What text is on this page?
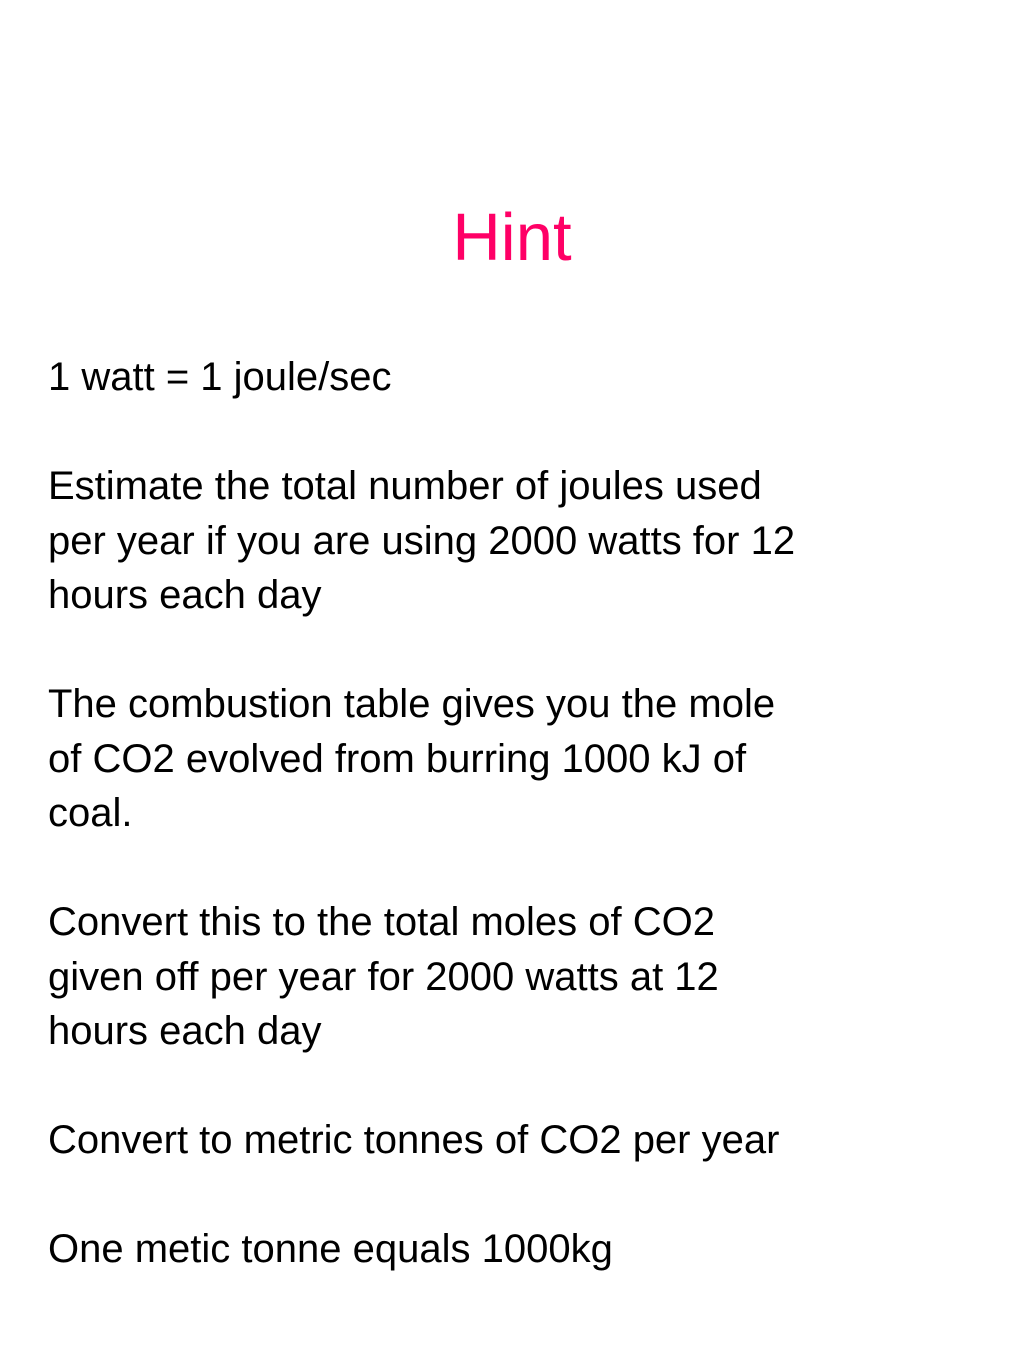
Hint

1 watt = 1 joule/sec

Estimate the total number of joules used
per year if you are using 2000 watts for 12
hours each day

The combustion table gives you the mole
of CO2 evolved from burring 1000 kJ of
coal.

Convert this to the total moles of CO2
given off per year for 2000 watts at 12
hours each day

Convert to metric tonnes of CO2 per year

One metic tonne equals 1000kg
